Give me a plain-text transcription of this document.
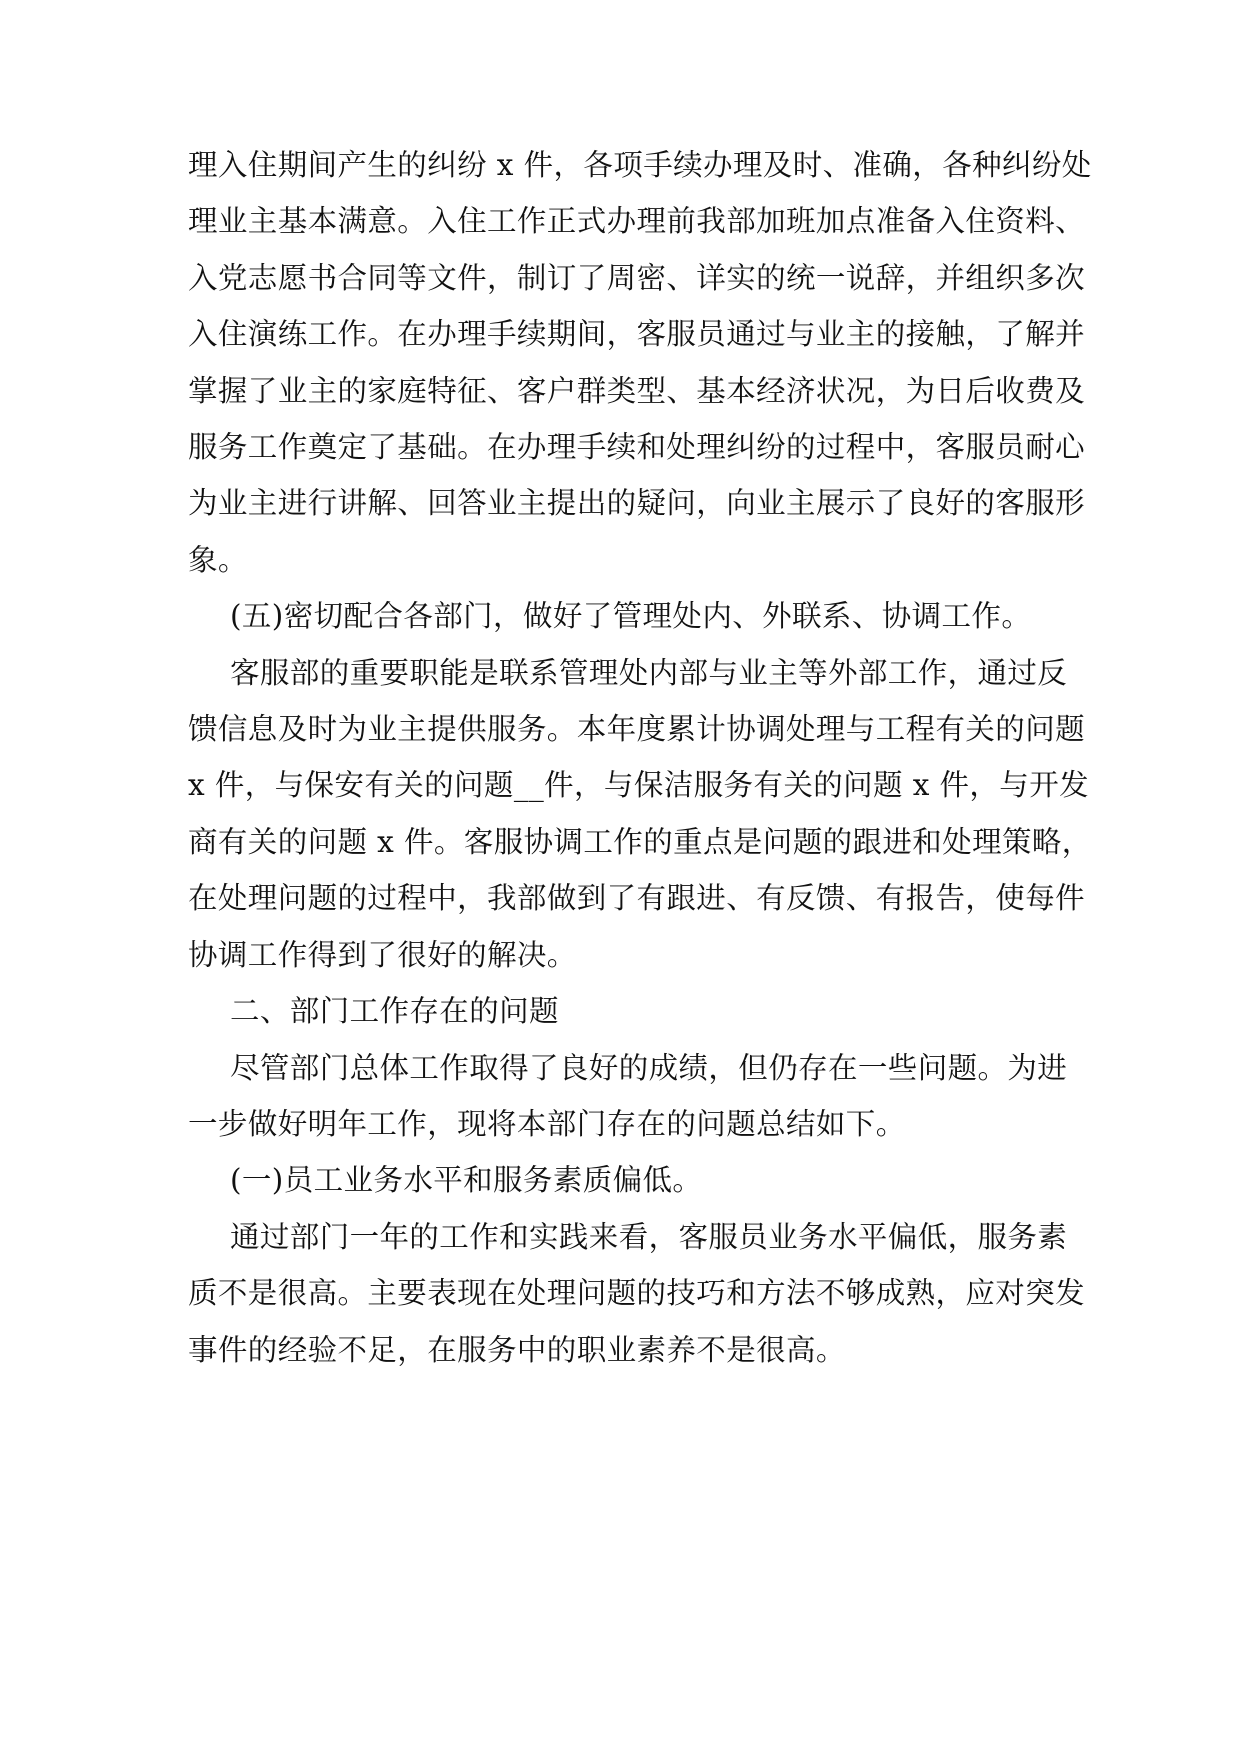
理入住期间产生的纠纷 x 件，各项手续办理及时、准确，各种纠纷处
理业主基本满意。入住工作正式办理前我部加班加点准备入住资料、
入党志愿书合同等文件，制订了周密、详实的统一说辞，并组织多次
入住演练工作。在办理手续期间，客服员通过与业主的接触，了解并
掌握了业主的家庭特征、客户群类型、基本经济状况，为日后收费及
服务工作奠定了基础。在办理手续和处理纠纷的过程中，客服员耐心
为业主进行讲解、回答业主提出的疑问，向业主展示了良好的客服形
象。
(五)密切配合各部门，做好了管理处内、外联系、协调工作。
客服部的重要职能是联系管理处内部与业主等外部工作，通过反
馈信息及时为业主提供服务。本年度累计协调处理与工程有关的问题
x 件，与保安有关的问题__件，与保洁服务有关的问题 x 件，与开发
商有关的问题 x 件。客服协调工作的重点是问题的跟进和处理策略，
在处理问题的过程中，我部做到了有跟进、有反馈、有报告，使每件
协调工作得到了很好的解决。
二、部门工作存在的问题
尽管部门总体工作取得了良好的成绩，但仍存在一些问题。为进
一步做好明年工作，现将本部门存在的问题总结如下。
(一)员工业务水平和服务素质偏低。
通过部门一年的工作和实践来看，客服员业务水平偏低，服务素
质不是很高。主要表现在处理问题的技巧和方法不够成熟，应对突发
事件的经验不足，在服务中的职业素养不是很高。
